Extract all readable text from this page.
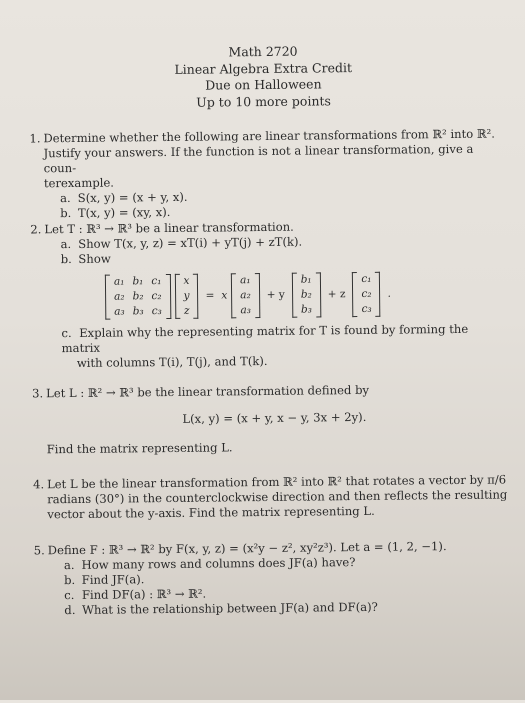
Math 2720
Linear Algebra Extra Credit
Due on Halloween
Up to 10 more points
1. Determine whether the following are linear transformations from ℝ² into ℝ².
Justify your answers. If the function is not a linear transformation, give a coun-
terexample.
a. S(x, y) = (x + y, x).
b. T(x, y) = (xy, x).
2. Let T : ℝ³ → ℝ³ be a linear transformation.
a. Show T(x, y, z) = xT(i) + yT(j) + zT(k).
b. Show
a₁	b₁	c₁
a₂	b₂	c₂
a₃	b₃	c₃
x
y
z
= x
a₁
a₂
a₃
+ y
b₁
b₂
b₃
+ z
c₁
c₂
c₃
.
c. Explain why the representing matrix for T is found by forming the matrix
with columns T(i), T(j), and T(k).
3. Let L : ℝ² → ℝ³ be the linear transformation defined by
L(x, y) = (x + y, x − y, 3x + 2y).
Find the matrix representing L.
4. Let L be the linear transformation from ℝ² into ℝ² that rotates a vector by π/6
radians (30°) in the counterclockwise direction and then reflects the resulting
vector about the y-axis. Find the matrix representing L.
5. Define F : ℝ³ → ℝ² by F(x, y, z) = (x²y − z², xy²z³). Let a = (1, 2, −1).
a. How many rows and columns does JF(a) have?
b. Find JF(a).
c. Find DF(a) : ℝ³ → ℝ².
d. What is the relationship between JF(a) and DF(a)?
